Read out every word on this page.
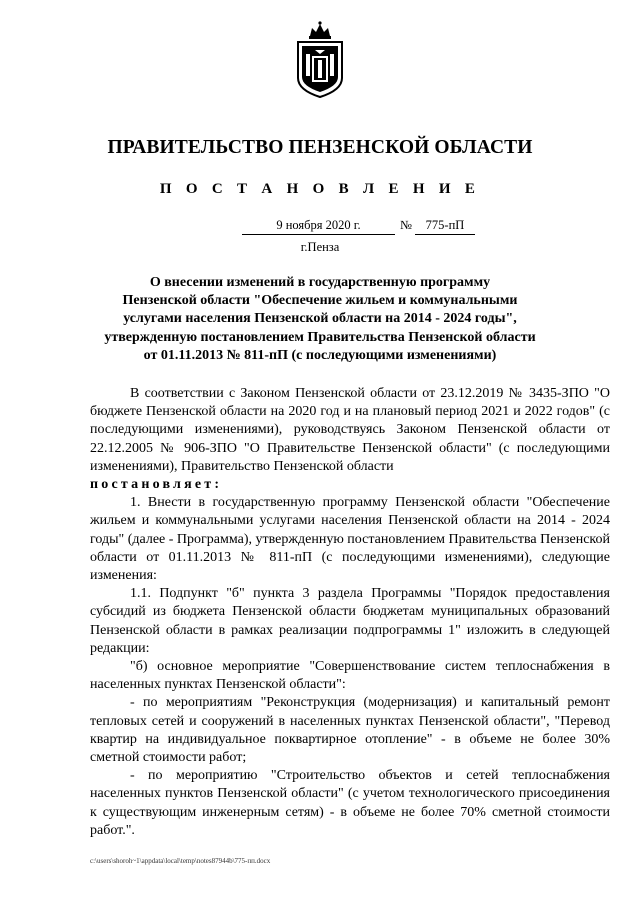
ПРАВИТЕЛЬСТВО ПЕНЗЕНСКОЙ ОБЛАСТИ
П О С Т А Н О В Л Е Н И Е
9 ноября 2020 г.	№	775-пП
г.Пенза
О внесении изменений в государственную программу
Пензенской области "Обеспечение жильем и коммунальными
услугами населения Пензенской области на 2014 - 2024 годы",
утвержденную постановлением Правительства Пензенской области
от 01.11.2013 № 811-пП (с последующими изменениями)

В соответствии с Законом Пензенской области от 23.12.2019 № 3435-ЗПО "О бюджете Пензенской области на 2020 год и на плановый период 2021 и 2022 годов" (с последующими изменениями), руководствуясь Законом Пензенской области от 22.12.2005 № 906-ЗПО "О Правительстве Пензенской области" (с последующими изменениями), Правительство Пензенской области

постановляет:

1. Внести в государственную программу Пензенской области "Обеспечение жильем и коммунальными услугами населения Пензенской области на 2014 - 2024 годы" (далее - Программа), утвержденную постановлением Правительства Пензенской области от 01.11.2013 № 811-пП (с последующими изменениями), следующие изменения:

1.1. Подпункт "б" пункта 3 раздела Программы "Порядок предоставления субсидий из бюджета Пензенской области бюджетам муниципальных образований Пензенской области в рамках реализации подпрограммы 1" изложить в следующей редакции:

"б) основное мероприятие "Совершенствование систем теплоснабжения в населенных пунктах Пензенской области":

- по мероприятиям "Реконструкция (модернизация) и капитальный ремонт тепловых сетей и сооружений в населенных пунктах Пензенской области", "Перевод квартир на индивидуальное поквартирное отопление" - в объеме не более 30% сметной стоимости работ;

- по мероприятию "Строительство объектов и сетей теплоснабжения населенных пунктов Пензенской области" (с учетом технологического присоединения к существующим инженерным сетям) - в объеме не более 70% сметной стоимости работ.".

c:\users\shoroh~1\appdata\local\temp\notes87944b\775-пп.docx
